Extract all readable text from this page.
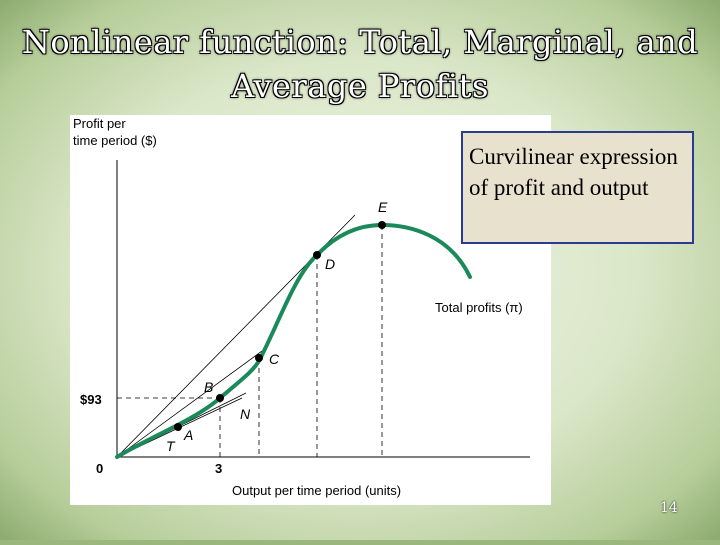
Nonlinear function: Total, Marginal, and Average Profits
Profit per
time period ($)
Output per time period (units)
0	3
$93
A
B
C
D
E
N
T
Total profits (π)
Curvilinear expression of profit and output
14
